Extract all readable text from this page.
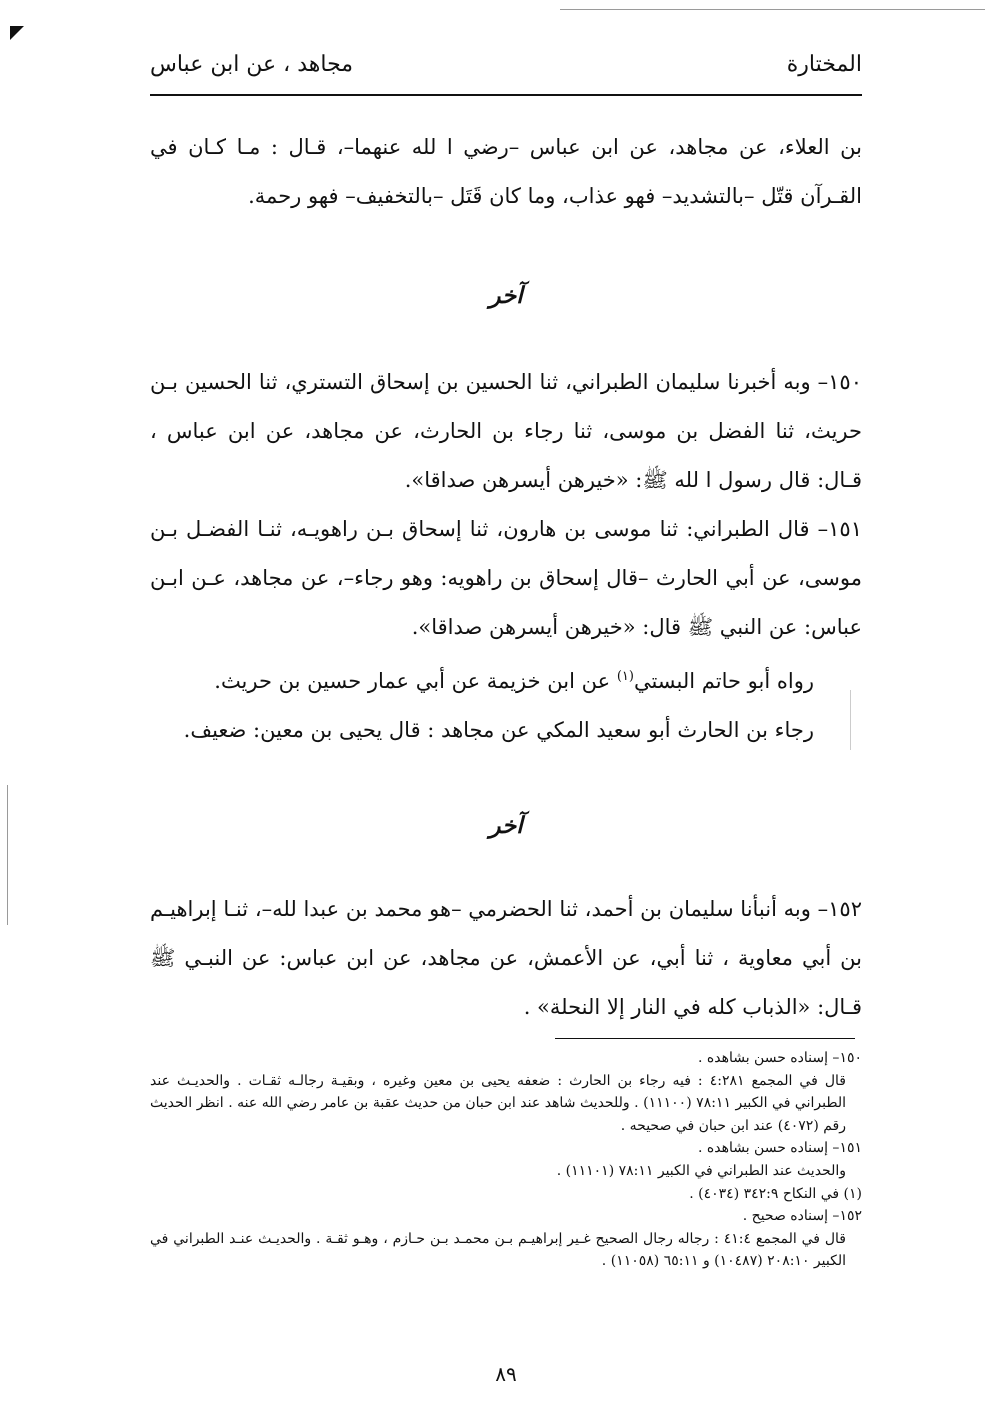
المختارة
مجاهد ، عن ابن عباس

بن العلاء، عن مجاهد، عن ابن عباس –رضي ا لله عنهما–، قـال : مـا كـان في القـرآن قتّل –بالتشديد– فهو عذاب، وما كان قَتَل –بالتخفيف– فهو رحمة.

آخر

١٥٠– وبه أخبرنا سليمان الطبراني، ثنا الحسين بن إسحاق التستري، ثنا الحسين بـن حريث، ثنا الفضل بن موسى، ثنا رجاء بن الحارث، عن مجاهد، عن ابن عباس ، قـال: قال رسول ا لله ﷺ: «خيرهن أيسرهن صداقا».

١٥١– قال الطبراني: ثنا موسى بن هارون، ثنا إسحاق بـن راهويـه، ثنـا الفضـل بـن موسى، عن أبي الحارث –قال إسحاق بن راهويه: وهو رجاء–، عن مجاهد، عـن ابـن عباس: عن النبي ﷺ قال: «خيرهن أيسرهن صداقا».

رواه أبو حاتم البستي$^{(١)}$ عن ابن خزيمة عن أبي عمار حسين بن حريث.

رجاء بن الحارث أبو سعيد المكي عن مجاهد : قال يحيى بن معين: ضعيف.

آخر

١٥٢– وبه أنبأنا سليمان بن أحمد، ثنا الحضرمي –هو محمد بن عبدا لله–، ثنـا إبراهيـم بن أبي معاوية ، ثنا أبي، عن الأعمش، عن مجاهد، عن ابن عباس: عن النبـي ﷺ قـال: «الذباب كله في النار إلا النحلة» .

١٥٠– إسناده حسن بشاهده .

قال في المجمع ٤:٢٨١ : فيه رجاء بن الحارث : ضعفه يحيى بن معين وغيره ، وبقيـة رجالـه ثقـات . والحديـث عند الطبراني في الكبير ٧٨:١١ (١١١٠٠) . وللحديث شاهد عند ابن حبان من حديث عقبة بن عامر رضي الله عنه . انظر الحديث رقم (٤٠٧٢) عند ابن حبان في صحيحه .

١٥١– إسناده حسن بشاهده .

والحديث عند الطبراني في الكبير ٧٨:١١ (١١١٠١) .

(١) في النكاح ٣٤٢:٩ (٤٠٣٤) .

١٥٢– إسناده صحيح .

قال في المجمع ٤١:٤ : رجاله رجال الصحيح غـير إبراهيـم بـن محمـد بـن حـازم ، وهـو ثقـة . والحديـث عنـد الطبراني في الكبير ٢٠٨:١٠ (١٠٤٨٧) و ٦٥:١١ (١١٠٥٨) .

٨٩
